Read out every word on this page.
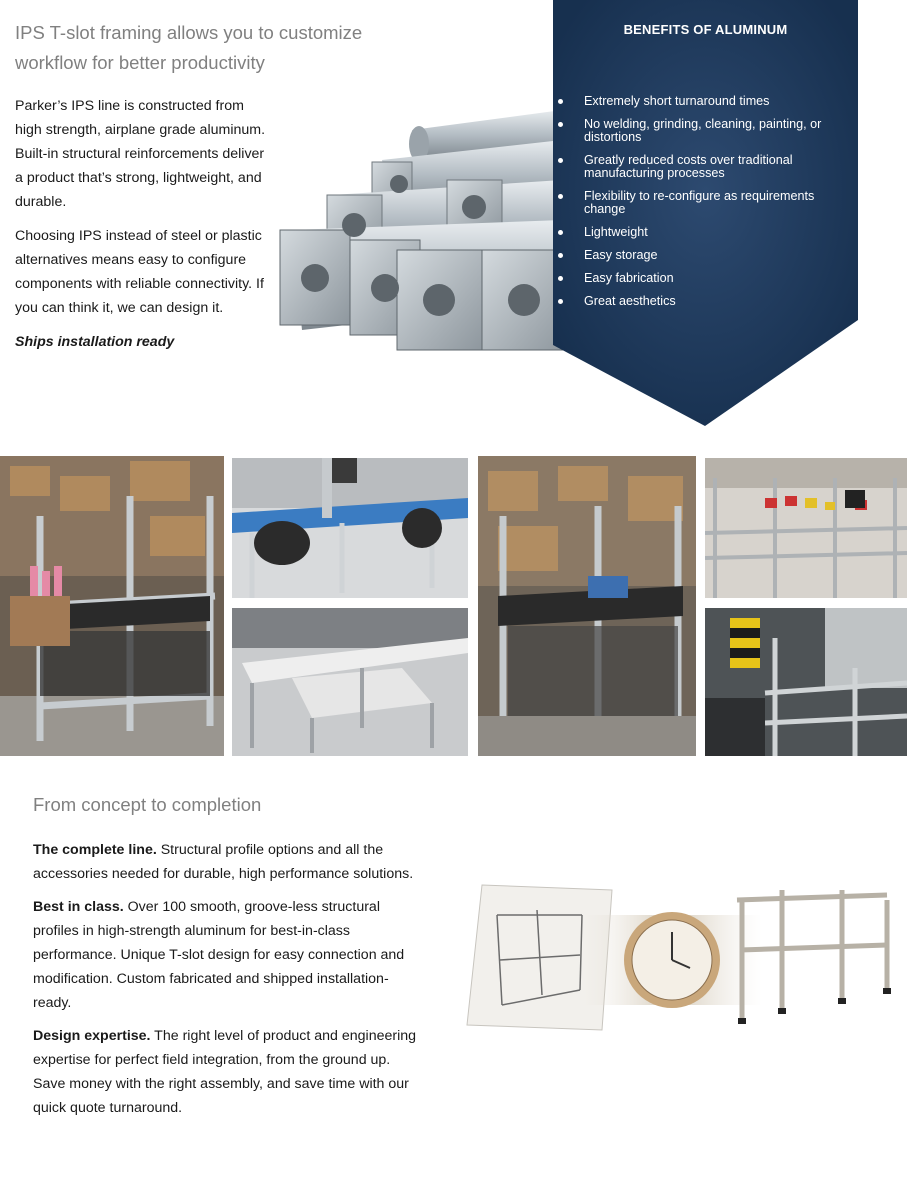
IPS T-slot framing allows you to customize workflow for better productivity

Parker’s IPS line is constructed from high strength, airplane grade aluminum. Built-in structural reinforcements deliver a product that’s strong, lightweight, and durable.

Choosing IPS instead of steel or plastic alternatives means easy to configure components with reliable connectivity. If you can think it, we can design it.

Ships installation ready

BENEFITS OF ALUMINUM
Extremely short turnaround times
No welding, grinding, cleaning, painting, or distortions
Greatly reduced costs over traditional manufacturing processes
Flexibility to re-configure as requirements change
Lightweight
Easy storage
Easy fabrication
Great aesthetics
From concept to completion

The complete line. Structural profile options and all the accessories needed for durable, high performance solutions.

Best in class. Over 100 smooth, groove-less structural profiles in high-strength aluminum for best-in-class performance. Unique T-slot design for easy connection and modification. Custom fabricated and shipped installation-ready.

Design expertise. The right level of product and engineering expertise for perfect field integration, from the ground up. Save money with the right assembly, and save time with our quick quote turnaround.
